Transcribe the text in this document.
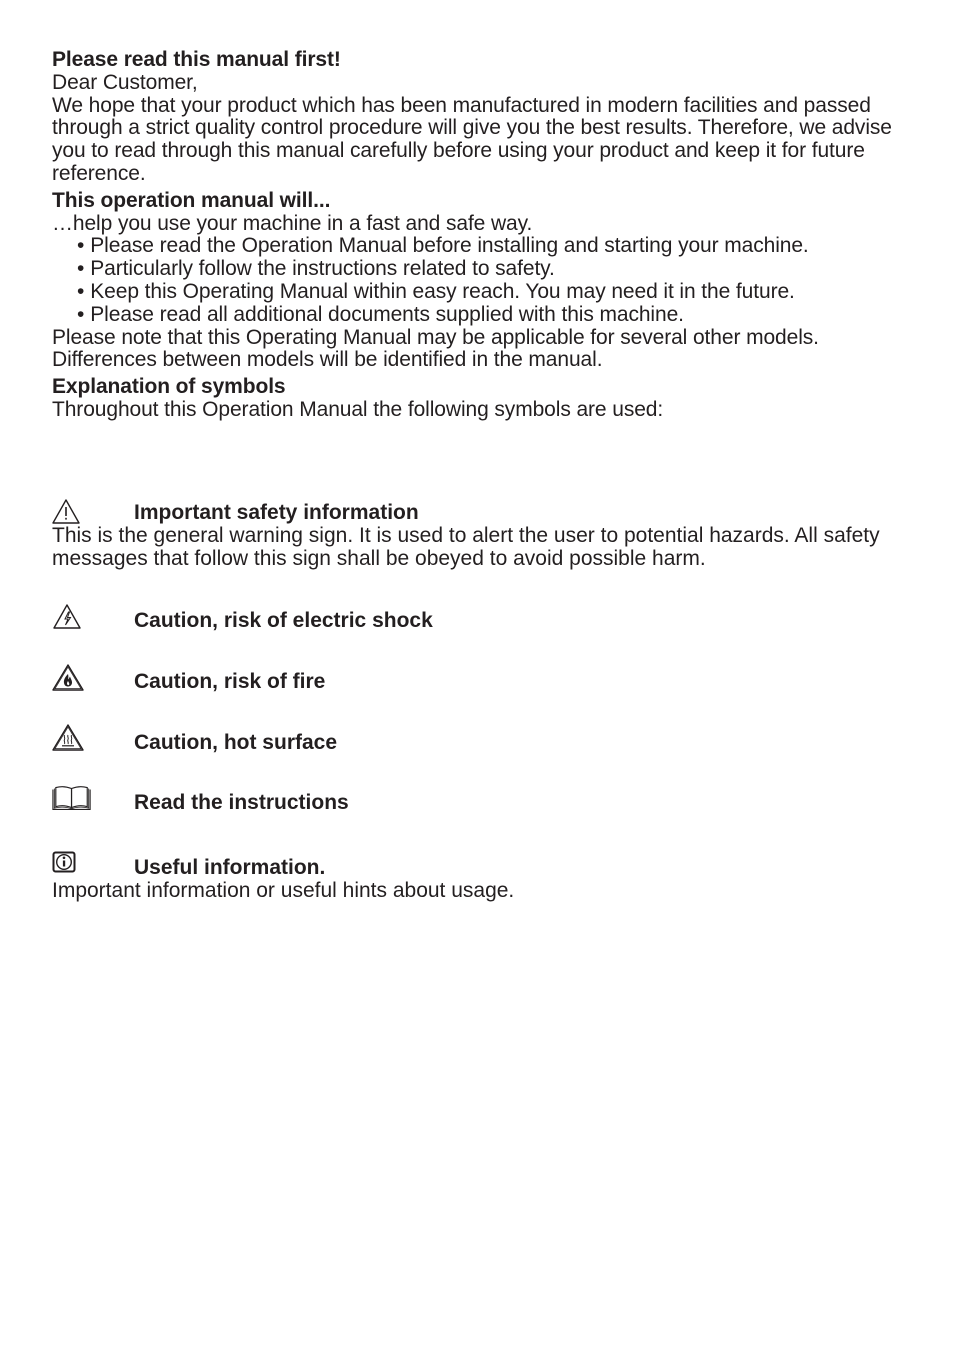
Please read this manual first!

Dear Customer,

We hope that your product which has been manufactured in modern facilities and passed through a strict quality control procedure will give you the best results. Therefore, we advise you to read through this manual carefully before using your product and keep it for future reference.

This operation manual will...

…help you use your machine in a fast and safe way.

• Please read the Operation Manual before installing and starting your machine.
• Particularly follow the instructions related to safety.
• Keep this Operating Manual within easy reach. You may need it in the future.
• Please read all additional documents supplied with this machine.

Please note that this Operating Manual may be applicable for several other models. Differences between models will be identified in the manual.

Explanation of symbols

Throughout this Operation Manual the following symbols are used:

Important safety information
This is the general warning sign. It is used to alert the user to potential hazards. All safety messages that follow this sign shall be obeyed to avoid possible harm.
Caution, risk of electric shock
Caution, risk of fire
Caution, hot surface
Read the instructions
Useful information.
Important information or useful hints about usage.
